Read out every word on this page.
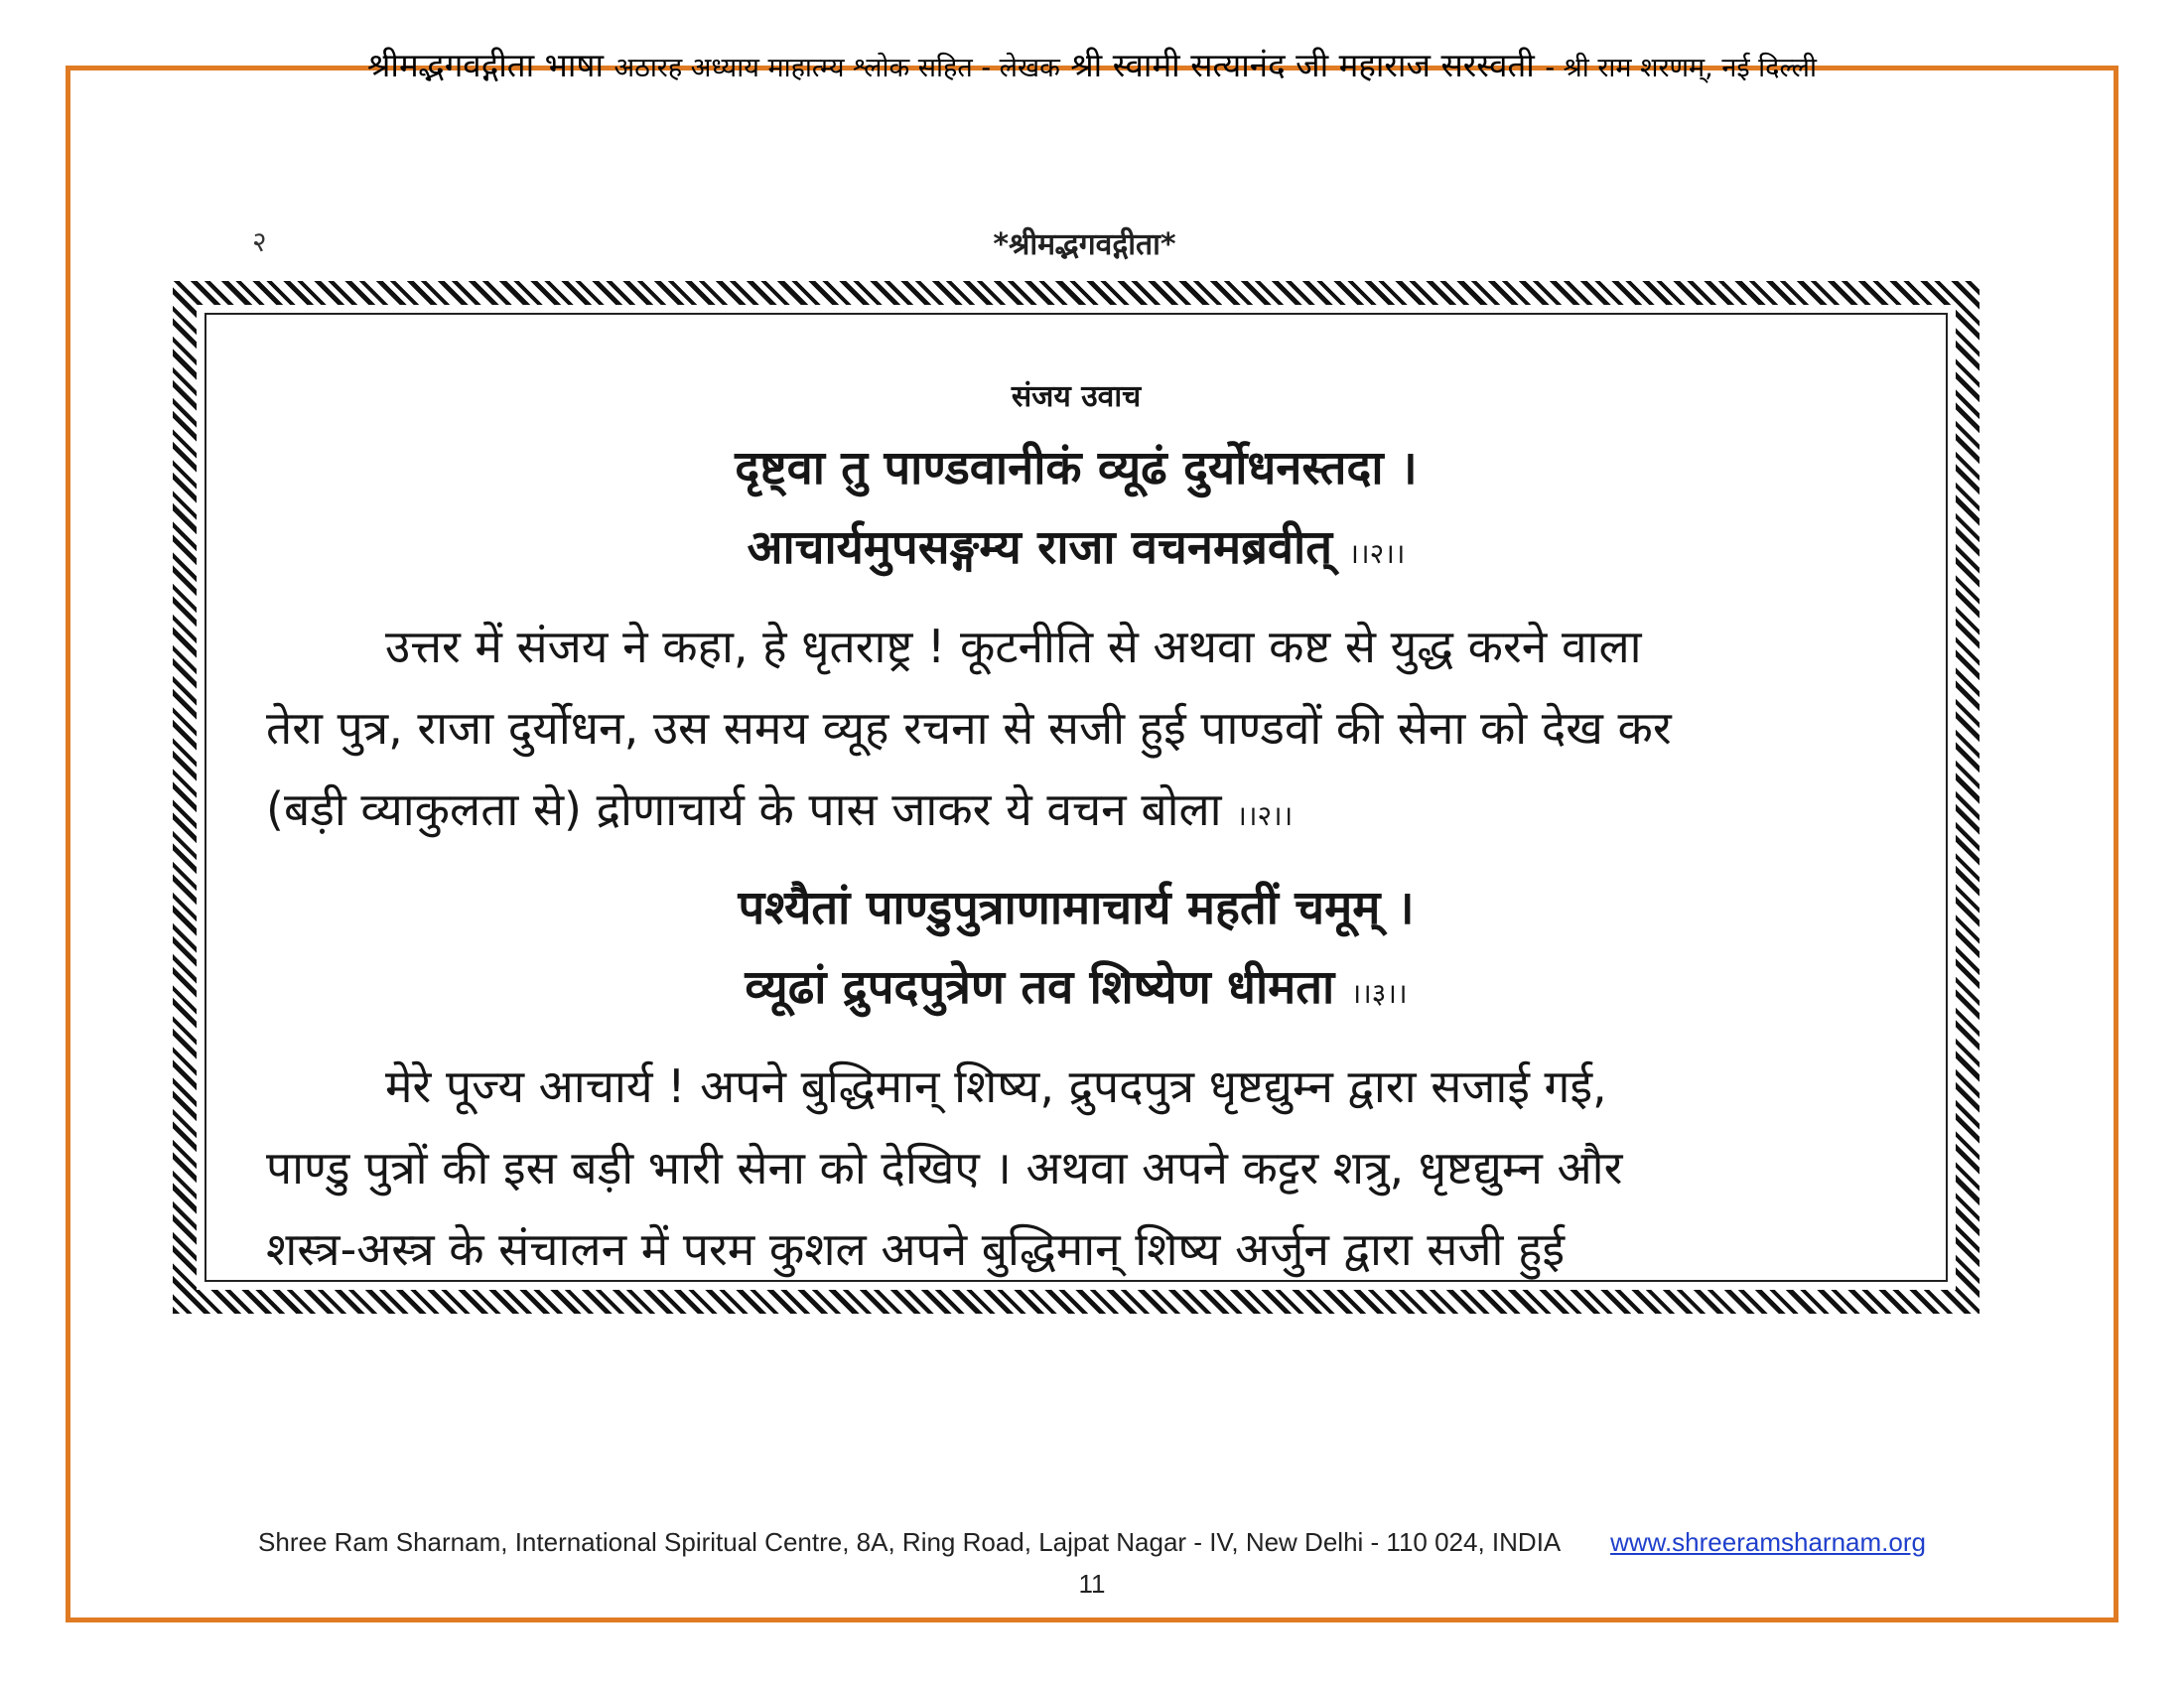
श्रीमद्भगवद्गीता भाषा अठारह अध्याय माहात्म्य श्लोक सहित - लेखक श्री स्वामी सत्यानंद जी महाराज सरस्वती - श्री राम शरणम्, नई दिल्ली
२	*श्रीमद्भगवद्गीता*
संजय उवाच
दृष्ट्वा तु पाण्डवानीकं व्यूढं दुर्योधनस्तदा ।
आचार्यमुपसङ्गम्य राजा वचनमब्रवीत् ।।२।।
उत्तर में संजय ने कहा, हे धृतराष्ट्र ! कूटनीति से अथवा कष्ट से युद्ध करने वाला
तेरा पुत्र, राजा दुर्योधन, उस समय व्यूह रचना से सजी हुई पाण्डवों की सेना को देख कर
(बड़ी व्याकुलता से) द्रोणाचार्य के पास जाकर ये वचन बोला ।।२।।
पश्यैतां पाण्डुपुत्राणामाचार्य महतीं चमूम् ।
व्यूढां द्रुपदपुत्रेण तव शिष्येण धीमता ।।३।।
मेरे पूज्य आचार्य ! अपने बुद्धिमान् शिष्य, द्रुपदपुत्र धृष्टद्युम्न द्वारा सजाई गई,
पाण्डु पुत्रों की इस बड़ी भारी सेना को देखिए । अथवा अपने कट्टर शत्रु, धृष्टद्युम्न और
शस्त्र-अस्त्र के संचालन में परम कुशल अपने बुद्धिमान् शिष्य अर्जुन द्वारा सजी हुई
Shree Ram Sharnam, International Spiritual Centre, 8A, Ring Road, Lajpat Nagar - IV, New Delhi - 110 024, INDIA www.shreeramsharnam.org
11
